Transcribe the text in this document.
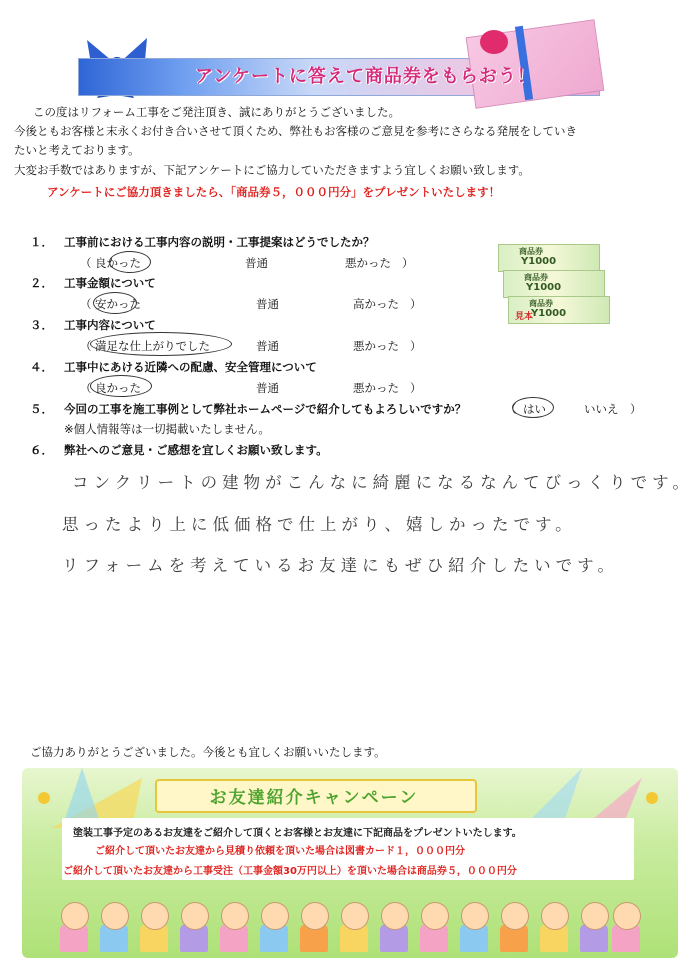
アンケートに答えて商品券をもらおう！
この度はリフォーム工事をご発注頂き、誠にありがとうございました。
今後ともお客様と末永くお付き合いさせて頂くため、弊社もお客様のご意見を参考にさらなる発展をしていき
たいと考えております。
大変お手数ではありますが、下記アンケートにご協力していただきますよう宜しくお願い致します。
アンケートにご協力頂きましたら、「商品券５，０００円分」をプレゼントいたします！
１． 工事前における工事内容の説明・工事提案はどうでしたか？
（ 良かった	普通	悪かった ）
２． 工事金額について
（ 安かった	普通	高かった ）
３． 工事内容について
（ 満足な仕上がりでした	普通	悪かった ）
４． 工事中にあける近隣への配慮、安全管理について
（ 良かった	普通	悪かった ）
５． 今回の工事を施工事例として弊社ホームページで紹介してもよろしいですか？	（ はい	いいえ ）
※個人情報等は一切掲載いたしません。
６． 弊社へのご意見・ご感想を宜しくお願い致します。
商品券
Y1000
商品券
Y1000
商品券
Y1000
見本
コンクリートの建物がこんなに綺麗になるなんてびっくりです。
思ったより上に低価格で仕上がり、嬉しかったです。
リフォームを考えているお友達にもぜひ紹介したいです。
ご協力ありがとうございました。今後とも宜しくお願いいたします。
お友達紹介キャンペーン
塗装工事予定のあるお友達をご紹介して頂くとお客様とお友達に下記商品をプレゼントいたします。
ご紹介して頂いたお友達から見積り依頼を頂いた場合は図書カード１，０００円分
ご紹介して頂いたお友達から工事受注（工事金額30万円以上）を頂いた場合は商品券５，０００円分
